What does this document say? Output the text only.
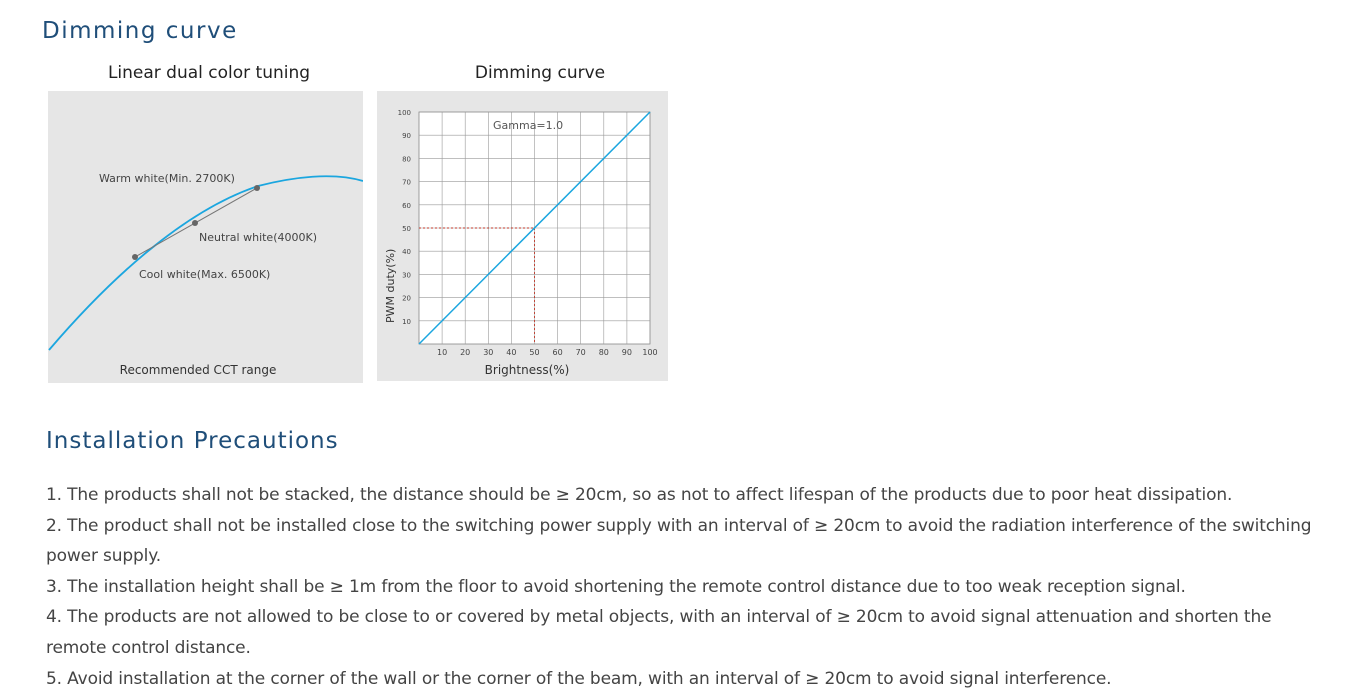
Dimming curve
Linear dual color tuning
Warm white(Min. 2700K)
Neutral white(4000K)
Cool white(Max. 6500K)
Recommended CCT range
Dimming curve
10 20 30 40 50 60 70 80 90 100
10
20
30
40
50
60
70
80
90
100
Gamma=1.0
PWM duty(%)
Brightness(%)
Installation Precautions

1. The products shall not be stacked, the distance should be ≥ 20cm, so as not to affect lifespan of the products due to poor heat dissipation.

2. The product shall not be installed close to the switching power supply with an interval of ≥ 20cm to avoid the radiation interference of the switching power supply.

3. The installation height shall be ≥ 1m from the floor to avoid shortening the remote control distance due to too weak reception signal.

4. The products are not allowed to be close to or covered by metal objects, with an interval of ≥ 20cm to avoid signal attenuation and shorten the remote control distance.

5. Avoid installation at the corner of the wall or the corner of the beam, with an interval of ≥ 20cm to avoid signal interference.
